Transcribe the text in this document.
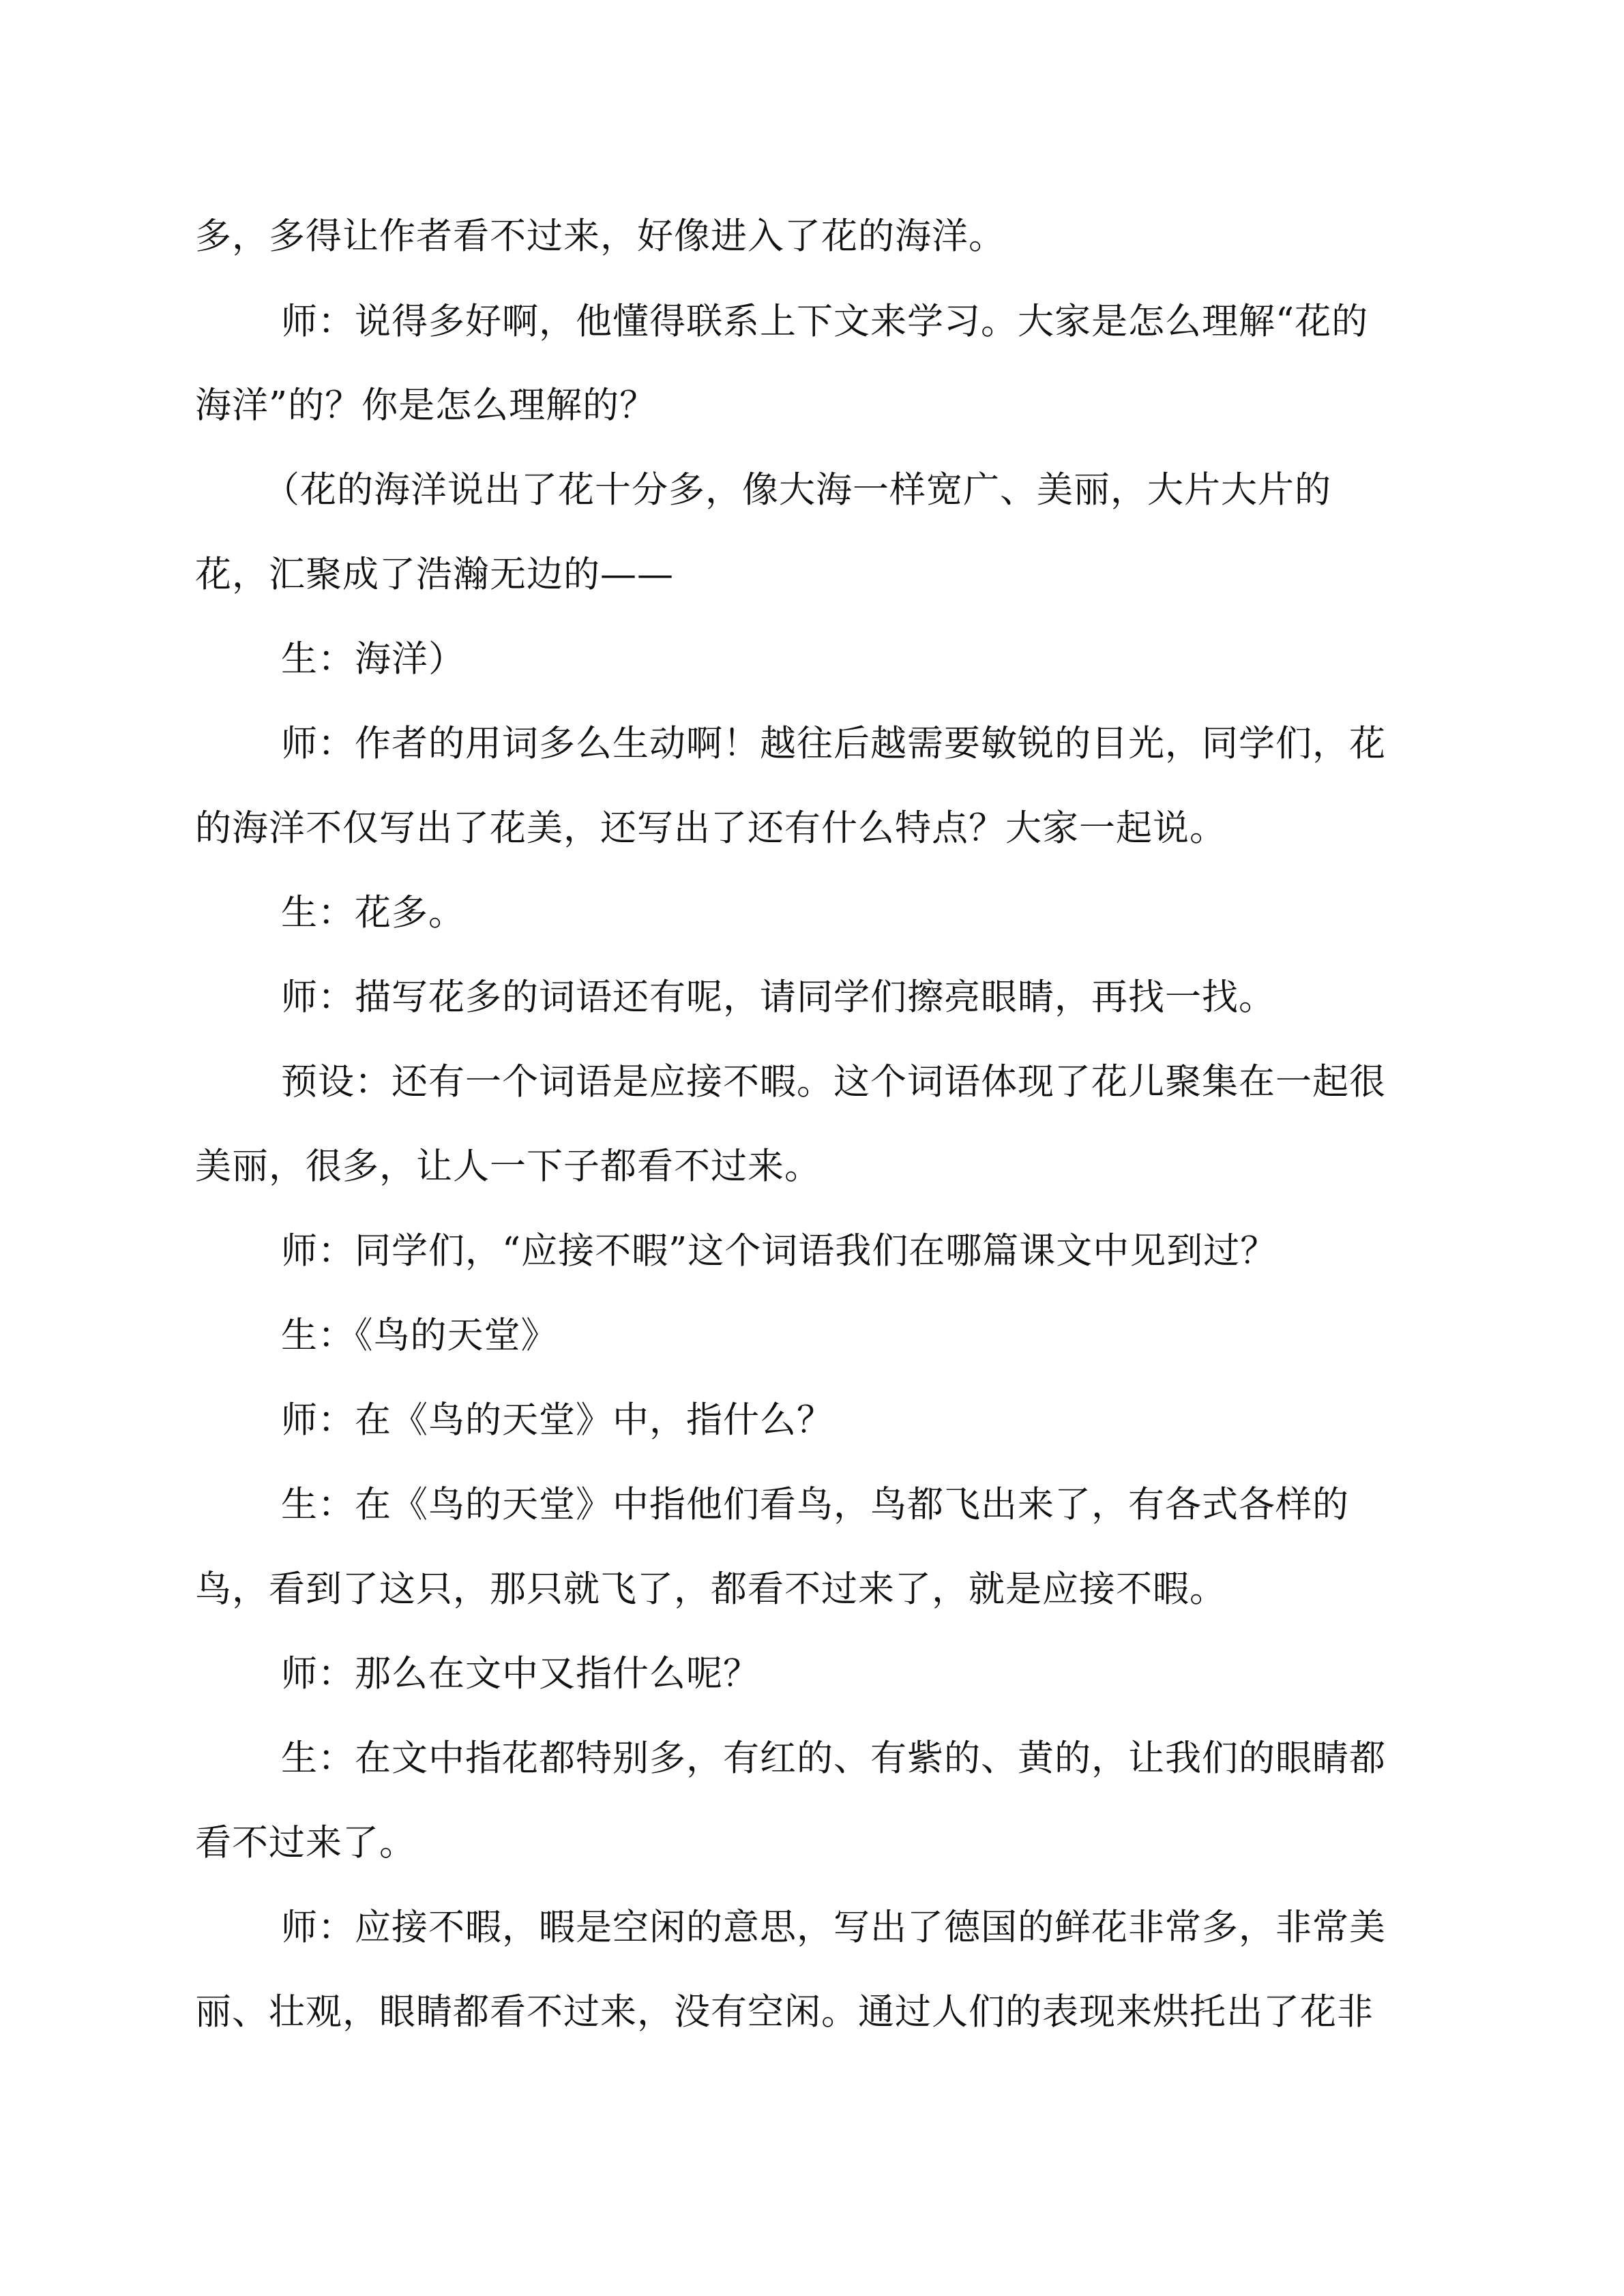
多，多得让作者看不过来，好像进入了花的海洋。
师：说得多好啊，他懂得联系上下文来学习。大家是怎么理解“花的
海洋”的？你是怎么理解的？
（花的海洋说出了花十分多，像大海一样宽广、美丽，大片大片的
花，汇聚成了浩瀚无边的——
生：海洋）
师：作者的用词多么生动啊！越往后越需要敏锐的目光，同学们，花
的海洋不仅写出了花美，还写出了还有什么特点？大家一起说。
生：花多。
师：描写花多的词语还有呢，请同学们擦亮眼睛，再找一找。
预设：还有一个词语是应接不暇。这个词语体现了花儿聚集在一起很
美丽，很多，让人一下子都看不过来。
师：同学们，“应接不暇”这个词语我们在哪篇课文中见到过？
生：《鸟的天堂》
师：在《鸟的天堂》中，指什么？
生：在《鸟的天堂》中指他们看鸟，鸟都飞出来了，有各式各样的
鸟，看到了这只，那只就飞了，都看不过来了，就是应接不暇。
师：那么在文中又指什么呢？
生：在文中指花都特别多，有红的、有紫的、黄的，让我们的眼睛都
看不过来了。
师：应接不暇，暇是空闲的意思，写出了德国的鲜花非常多，非常美
丽、壮观，眼睛都看不过来，没有空闲。通过人们的表现来烘托出了花非
